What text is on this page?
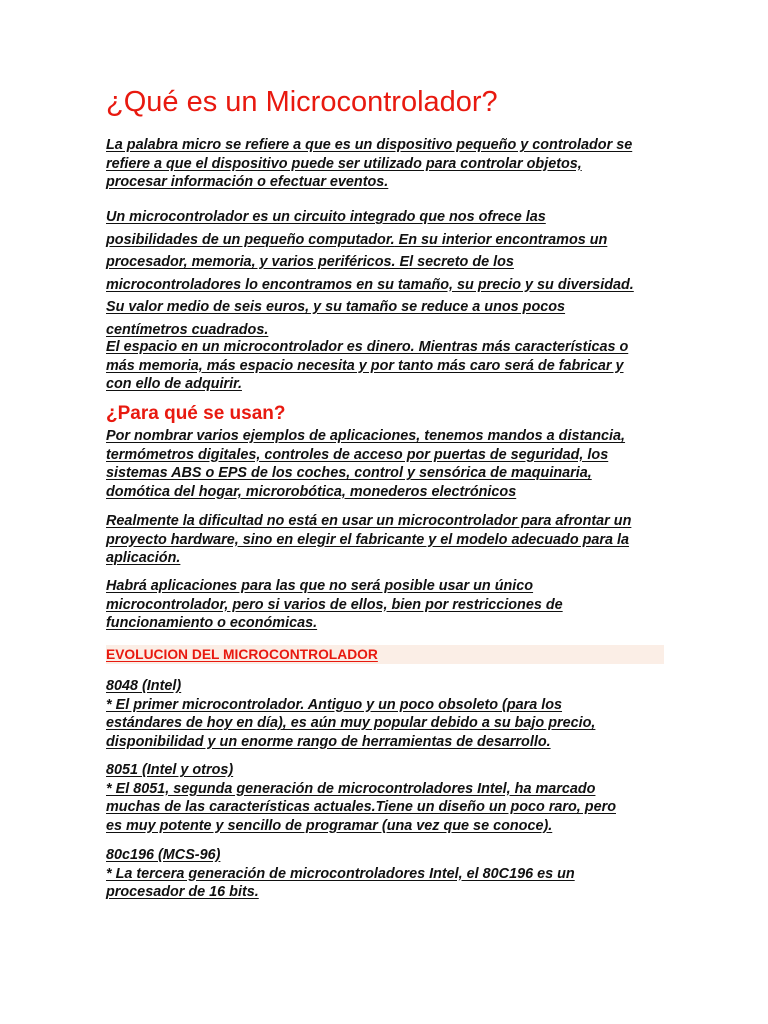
¿Qué es un Microcontrolador?

La palabra micro se refiere a que es un dispositivo pequeño y controlador se
refiere a que el dispositivo puede ser utilizado para controlar objetos,
procesar información o efectuar eventos.

Un microcontrolador es un circuito integrado que nos ofrece las
posibilidades de un pequeño computador. En su interior encontramos un
procesador, memoria, y varios periféricos. El secreto de los
microcontroladores lo encontramos en su tamaño, su precio y su diversidad.
Su valor medio de seis euros, y su tamaño se reduce a unos pocos
centímetros cuadrados.

El espacio en un microcontrolador es dinero. Mientras más características o
más memoria, más espacio necesita y por tanto más caro será de fabricar y
con ello de adquirir.

¿Para qué se usan?

Por nombrar varios ejemplos de aplicaciones, tenemos mandos a distancia,
termómetros digitales, controles de acceso por puertas de seguridad, los
sistemas ABS o EPS de los coches, control y sensórica de maquinaria,
domótica del hogar, microrobótica, monederos electrónicos

Realmente la dificultad no está en usar un microcontrolador para afrontar un
proyecto hardware, sino en elegir el fabricante y el modelo adecuado para la
aplicación.

Habrá aplicaciones para las que no será posible usar un único
microcontrolador, pero si varios de ellos, bien por restricciones de
funcionamiento o económicas.

EVOLUCION DEL MICROCONTROLADOR

8048 (Intel)
* El primer microcontrolador. Antiguo y un poco obsoleto (para los
estándares de hoy en día), es aún muy popular debido a su bajo precio,
disponibilidad y un enorme rango de herramientas de desarrollo.

8051 (Intel y otros)
* El 8051, segunda generación de microcontroladores Intel, ha marcado
muchas de las características actuales.Tiene un diseño un poco raro, pero
es muy potente y sencillo de programar (una vez que se conoce).

80c196 (MCS-96)
* La tercera generación de microcontroladores Intel, el 80C196 es un
procesador de 16 bits.
